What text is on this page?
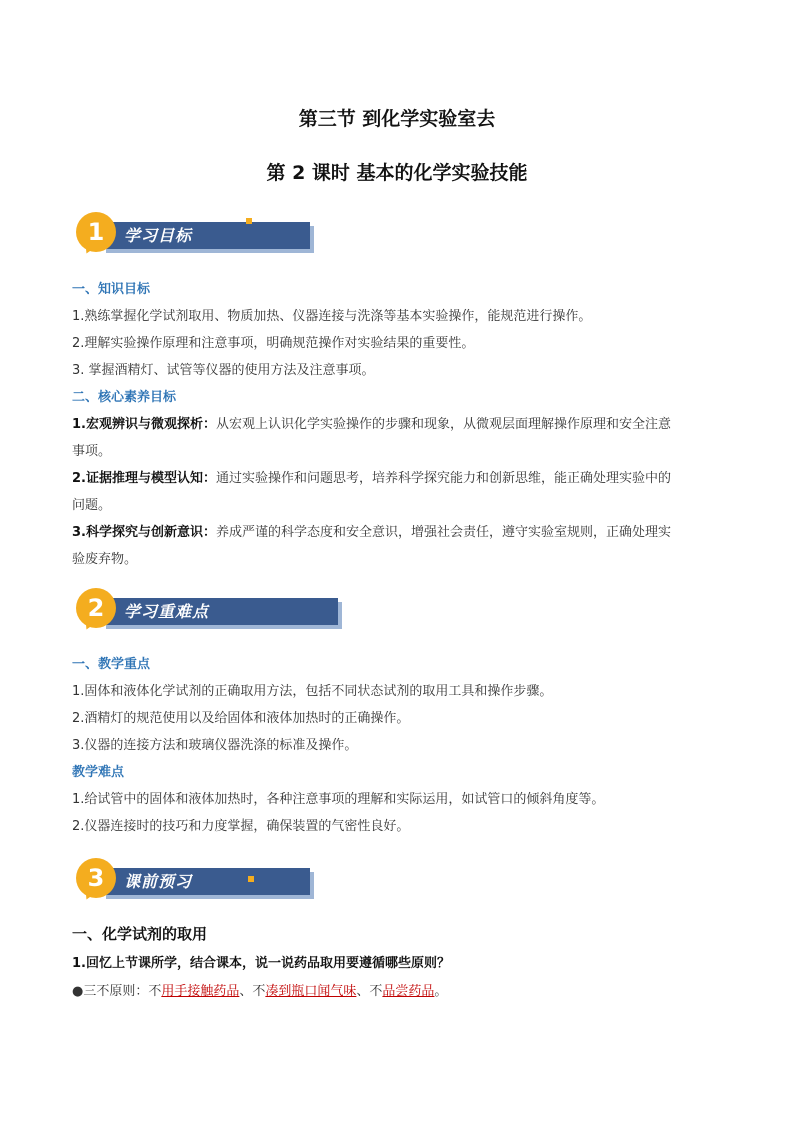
第三节 到化学实验室去
第 2 课时 基本的化学实验技能
学习目标
1
一、知识目标
1.熟练掌握化学试剂取用、物质加热、仪器连接与洗涤等基本实验操作，能规范进行操作。
2.理解实验操作原理和注意事项，明确规范操作对实验结果的重要性。
3. 掌握酒精灯、试管等仪器的使用方法及注意事项。
二、核心素养目标
1.宏观辨识与微观探析：从宏观上认识化学实验操作的步骤和现象，从微观层面理解操作原理和安全注意
事项。
2.证据推理与模型认知：通过实验操作和问题思考，培养科学探究能力和创新思维，能正确处理实验中的
问题。
3.科学探究与创新意识：养成严谨的科学态度和安全意识，增强社会责任，遵守实验室规则，正确处理实
验废弃物。
学习重难点
2
一、教学重点
1.固体和液体化学试剂的正确取用方法，包括不同状态试剂的取用工具和操作步骤。
2.酒精灯的规范使用以及给固体和液体加热时的正确操作。
3.仪器的连接方法和玻璃仪器洗涤的标准及操作。
教学难点
1.给试管中的固体和液体加热时，各种注意事项的理解和实际运用，如试管口的倾斜角度等。
2.仪器连接时的技巧和力度掌握，确保装置的气密性良好。
课前预习
3
一、化学试剂的取用
1.回忆上节课所学，结合课本，说一说药品取用要遵循哪些原则？
●三不原则：不用手接触药品、不凑到瓶口闻气味、不品尝药品。
